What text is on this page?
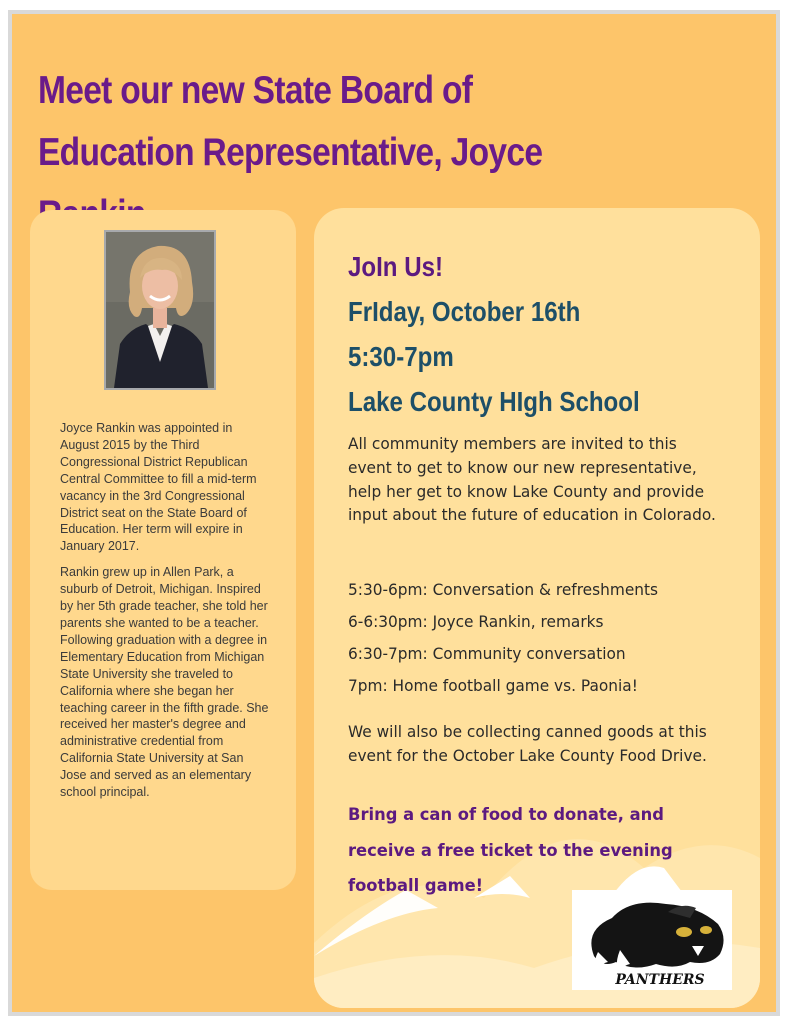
Meet our new State Board of
Education Representative, Joyce

Joyce Rankin was appointed in August 2015 by the Third Congressional District Republican Central Committee to fill a mid-term vacancy in the 3rd Congressional District seat on the State Board of Education. Her term will expire in January 2017.

Rankin grew up in Allen Park, a suburb of Detroit, Michigan. Inspired by her 5th grade teacher, she told her parents she wanted to be a teacher. Following graduation with a degree in Elementary Education from Michigan State University she traveled to California where she began her teaching career in the fifth grade. She received her master's degree and administrative credential from California State University at San Jose and served as an elementary school principal.

JoIn Us!
FrIday, October 16th
5:30-7pm
Lake County HIgh School
All community members are invited to this event to get to know our new representative, help her get to know Lake County and provide input about the future of education in Colorado.
5:30-6pm: Conversation & refreshments
6-6:30pm: Joyce Rankin, remarks
6:30-7pm: Community conversation
7pm: Home football game vs. Paonia!
We will also be collecting canned goods at this event for the October Lake County Food Drive.
Bring a can of food to donate, and receive a free ticket to the evening football game!
PANTHERS
